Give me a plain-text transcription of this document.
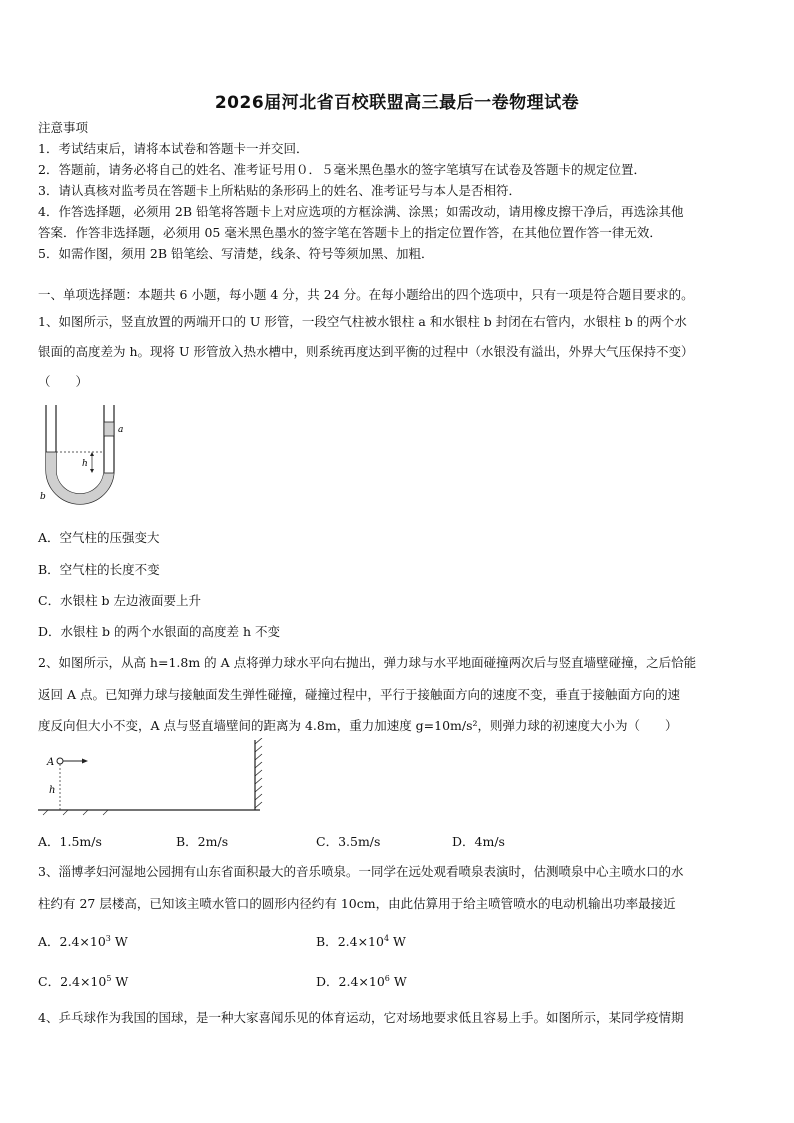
2026届河北省百校联盟高三最后一卷物理试卷
注意事项
1．考试结束后，请将本试卷和答题卡一并交回．
2．答题前，请务必将自己的姓名、准考证号用０．５毫米黑色墨水的签字笔填写在试卷及答题卡的规定位置．
3．请认真核对监考员在答题卡上所粘贴的条形码上的姓名、准考证号与本人是否相符．
4．作答选择题，必须用 2B 铅笔将答题卡上对应选项的方框涂满、涂黑；如需改动，请用橡皮擦干净后，再选涂其他
答案．作答非选择题，必须用 05 毫米黑色墨水的签字笔在答题卡上的指定位置作答，在其他位置作答一律无效．
5．如需作图，须用 2B 铅笔绘、写清楚，线条、符号等须加黑、加粗．
一、单项选择题：本题共 6 小题，每小题 4 分，共 24 分。在每小题给出的四个选项中，只有一项是符合题目要求的。
1、如图所示，竖直放置的两端开口的 U 形管，一段空气柱被水银柱 a 和水银柱 b 封闭在右管内，水银柱 b 的两个水
银面的高度差为 h。现将 U 形管放入热水槽中，则系统再度达到平衡的过程中（水银没有溢出，外界大气压保持不变）
（　　）
h
a
b
A．空气柱的压强变大
B．空气柱的长度不变
C．水银柱 b 左边液面要上升
D．水银柱 b 的两个水银面的高度差 h 不变
2、如图所示，从高 h=1.8m 的 A 点将弹力球水平向右抛出，弹力球与水平地面碰撞两次后与竖直墙壁碰撞，之后恰能
返回 A 点。已知弹力球与接触面发生弹性碰撞，碰撞过程中，平行于接触面方向的速度不变，垂直于接触面方向的速
度反向但大小不变，A 点与竖直墙壁间的距离为 4.8m，重力加速度 g=10m/s²，则弹力球的初速度大小为（　　）
A
h
A．1.5m/s	B．2m/s	C．3.5m/s	D．4m/s
3、淄博孝妇河湿地公园拥有山东省面积最大的音乐喷泉。一同学在远处观看喷泉表演时，估测喷泉中心主喷水口的水
柱约有 27 层楼高，已知该主喷水管口的圆形内径约有 10cm，由此估算用于给主喷管喷水的电动机输出功率最接近
A．$2.4\times 10^3$ W	B．$2.4\times 10^4$ W
C．$2.4\times 10^5$ W	D．$2.4\times 10^6$ W
4、乒乓球作为我国的国球，是一种大家喜闻乐见的体育运动，它对场地要求低且容易上手。如图所示，某同学疫情期
